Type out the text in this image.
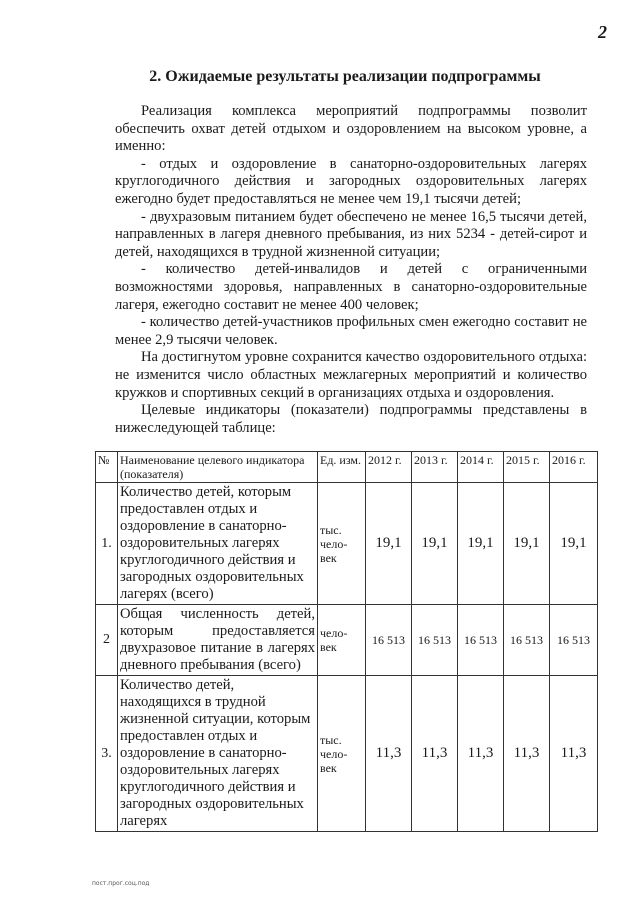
2
2. Ожидаемые результаты реализации подпрограммы

Реализация комплекса мероприятий подпрограммы позволит обеспечить охват детей отдыхом и оздоровлением на высоком уровне, а именно:

- отдых и оздоровление в санаторно-оздоровительных лагерях круглогодичного действия и загородных оздоровительных лагерях ежегодно будет предоставляться не менее чем 19,1 тысячи детей;

- двухразовым питанием будет обеспечено не менее 16,5 тысячи детей, направленных в лагеря дневного пребывания, из них 5234 - детей-сирот и детей, находящихся в трудной жизненной ситуации;

- количество детей-инвалидов и детей с ограниченными возможностями здоровья, направленных в санаторно-оздоровительные лагеря, ежегодно составит не менее 400 человек;

- количество детей-участников профильных смен ежегодно составит не менее 2,9 тысячи человек.

На достигнутом уровне сохранится качество оздоровительного отдыха: не изменится число областных межлагерных мероприятий и количество кружков и спортивных секций в организациях отдыха и оздоровления.

Целевые индикаторы (показатели) подпрограммы представлены в нижеследующей таблице:

№	Наименование целевого индикатора (показателя)	Ед. изм.	2012 г.	2013 г.	2014 г.	2015 г.	2016 г.
1.	Количество детей, которым предоставлен отдых и оздоровление в санаторно-оздоровительных лагерях круглогодичного действия и загородных оздоровительных лагерях (всего)	тыс. чело-век	19,1	19,1	19,1	19,1	19,1
2	Общая численность детей, которым предоставляется двухразовое питание в лагерях дневного пребывания (всего)	чело-век	16 513	16 513	16 513	16 513	16 513
3.	Количество детей, находящихся в трудной жизненной ситуации, которым предоставлен отдых и оздоровление в санаторно-оздоровительных лагерях круглогодичного действия и загородных оздоровительных лагерях	тыс. чело-век	11,3	11,3	11,3	11,3	11,3
пост.прог.соц.под
